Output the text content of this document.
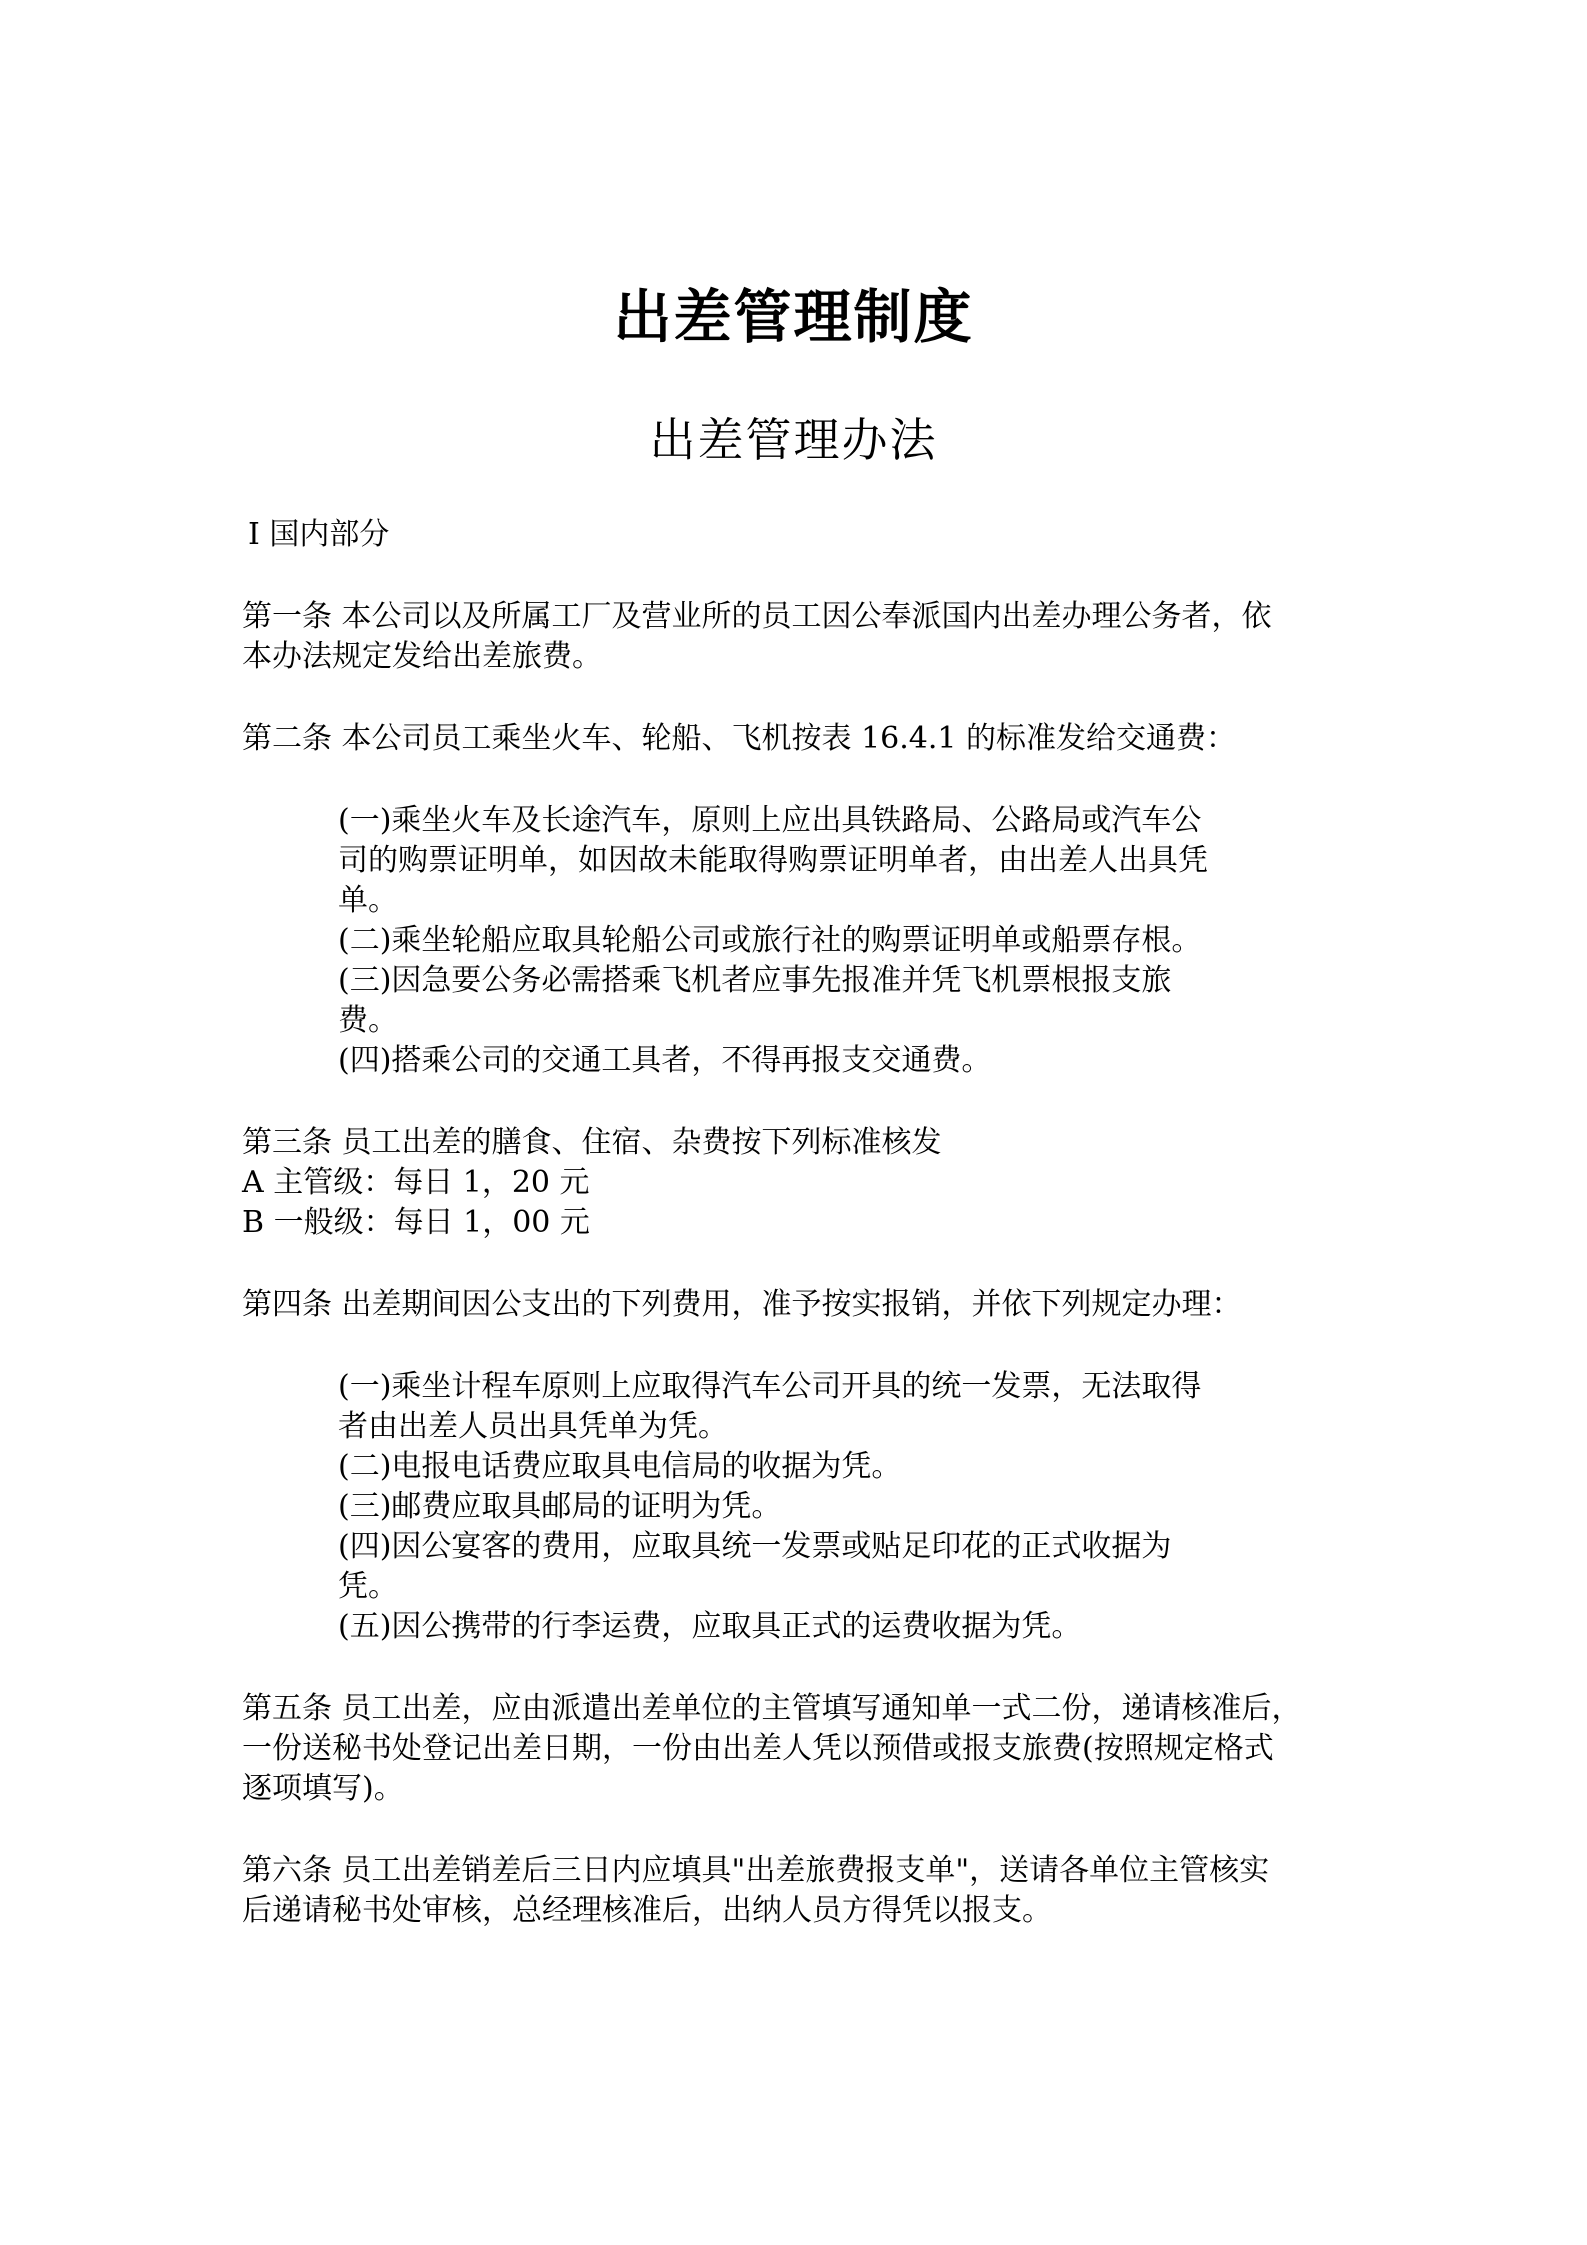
出差管理制度
出差管理办法
Ⅰ 国内部分
第一条 本公司以及所属工厂及营业所的员工因公奉派国内出差办理公务者，依
本办法规定发给出差旅费。
第二条 本公司员工乘坐火车、轮船、飞机按表 16.4.1 的标准发给交通费：
(一)乘坐火车及长途汽车，原则上应出具铁路局、公路局或汽车公
司的购票证明单，如因故未能取得购票证明单者，由出差人出具凭
单。
(二)乘坐轮船应取具轮船公司或旅行社的购票证明单或船票存根。
(三)因急要公务必需搭乘飞机者应事先报准并凭飞机票根报支旅
费。
(四)搭乘公司的交通工具者，不得再报支交通费。
第三条 员工出差的膳食、住宿、杂费按下列标准核发
A 主管级：每日 1，20 元
B 一般级：每日 1，00 元
第四条 出差期间因公支出的下列费用，准予按实报销，并依下列规定办理：
(一)乘坐计程车原则上应取得汽车公司开具的统一发票，无法取得
者由出差人员出具凭单为凭。
(二)电报电话费应取具电信局的收据为凭。
(三)邮费应取具邮局的证明为凭。
(四)因公宴客的费用，应取具统一发票或贴足印花的正式收据为
凭。
(五)因公携带的行李运费，应取具正式的运费收据为凭。
第五条 员工出差，应由派遣出差单位的主管填写通知单一式二份，递请核准后，
一份送秘书处登记出差日期，一份由出差人凭以预借或报支旅费(按照规定格式
逐项填写)。
第六条 员工出差销差后三日内应填具"出差旅费报支单"，送请各单位主管核实
后递请秘书处审核，总经理核准后，出纳人员方得凭以报支。
